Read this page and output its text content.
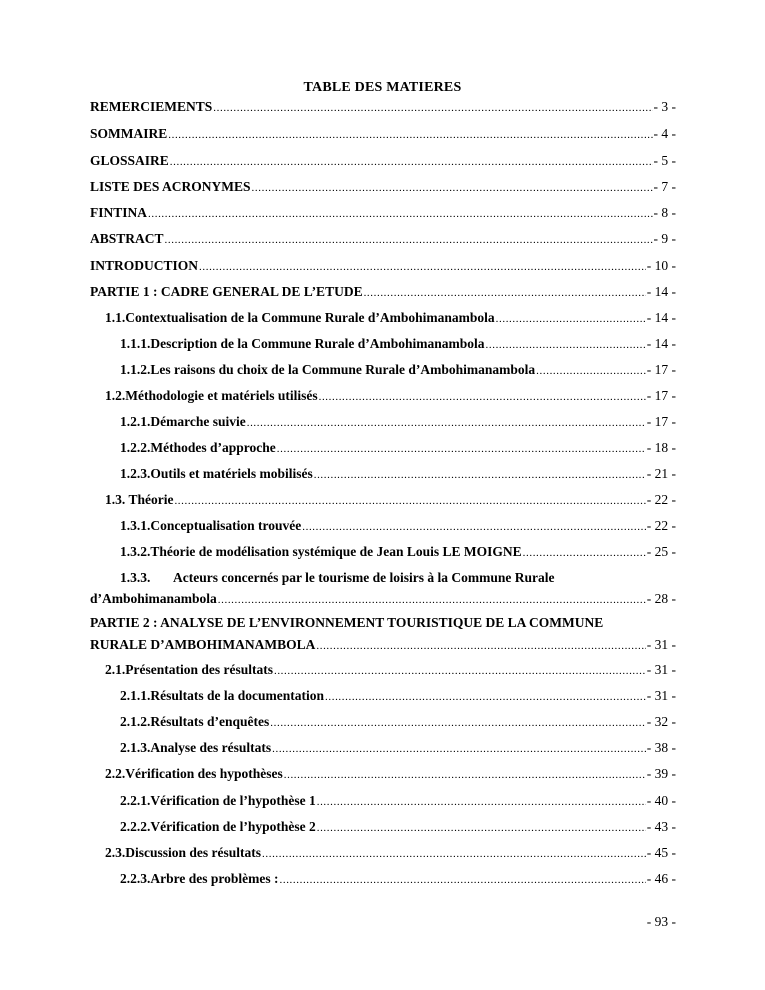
TABLE DES MATIERES
REMERCIEMENTS .....	- 3 -
SOMMAIRE .....	- 4 -
GLOSSAIRE .....	- 5 -
LISTE DES ACRONYMES .....	- 7 -
FINTINA .....	- 8 -
ABSTRACT .....	- 9 -
INTRODUCTION .....	- 10 -
PARTIE 1 : CADRE GENERAL DE L’ETUDE .....	- 14 -
1.1. Contextualisation de la Commune Rurale d’Ambohimanambola .....	- 14 -
1.1.1. Description de la Commune Rurale d’Ambohimanambola .....	- 14 -
1.1.2. Les raisons du choix de la Commune Rurale d’Ambohimanambola .....	- 17 -
1.2. Méthodologie et matériels utilisés .....	- 17 -
1.2.1. Démarche suivie .....	- 17 -
1.2.2. Méthodes d’approche .....	- 18 -
1.2.3. Outils et matériels mobilisés .....	- 21 -
1.3. Théorie .....	- 22 -
1.3.1. Conceptualisation trouvée .....	- 22 -
1.3.2. Théorie de modélisation systémique de Jean Louis LE MOIGNE .....	- 25 -
1.3.3. Acteurs concernés par le tourisme de loisirs à la Commune Rurale
d’Ambohimanambola .....	- 28 -
PARTIE 2 : ANALYSE DE L’ENVIRONNEMENT TOURISTIQUE DE LA COMMUNE
RURALE D’AMBOHIMANAMBOLA .....	- 31 -
2.1. Présentation des résultats .....	- 31 -
2.1.1. Résultats de la documentation .....	- 31 -
2.1.2. Résultats d’enquêtes .....	- 32 -
2.1.3. Analyse des résultats .....	- 38 -
2.2. Vérification des hypothèses .....	- 39 -
2.2.1. Vérification de l’hypothèse 1 .....	- 40 -
2.2.2. Vérification de l’hypothèse 2 .....	- 43 -
2.3. Discussion des résultats .....	- 45 -
2.2.3. Arbre des problèmes : .....	- 46 -
- 93 -
